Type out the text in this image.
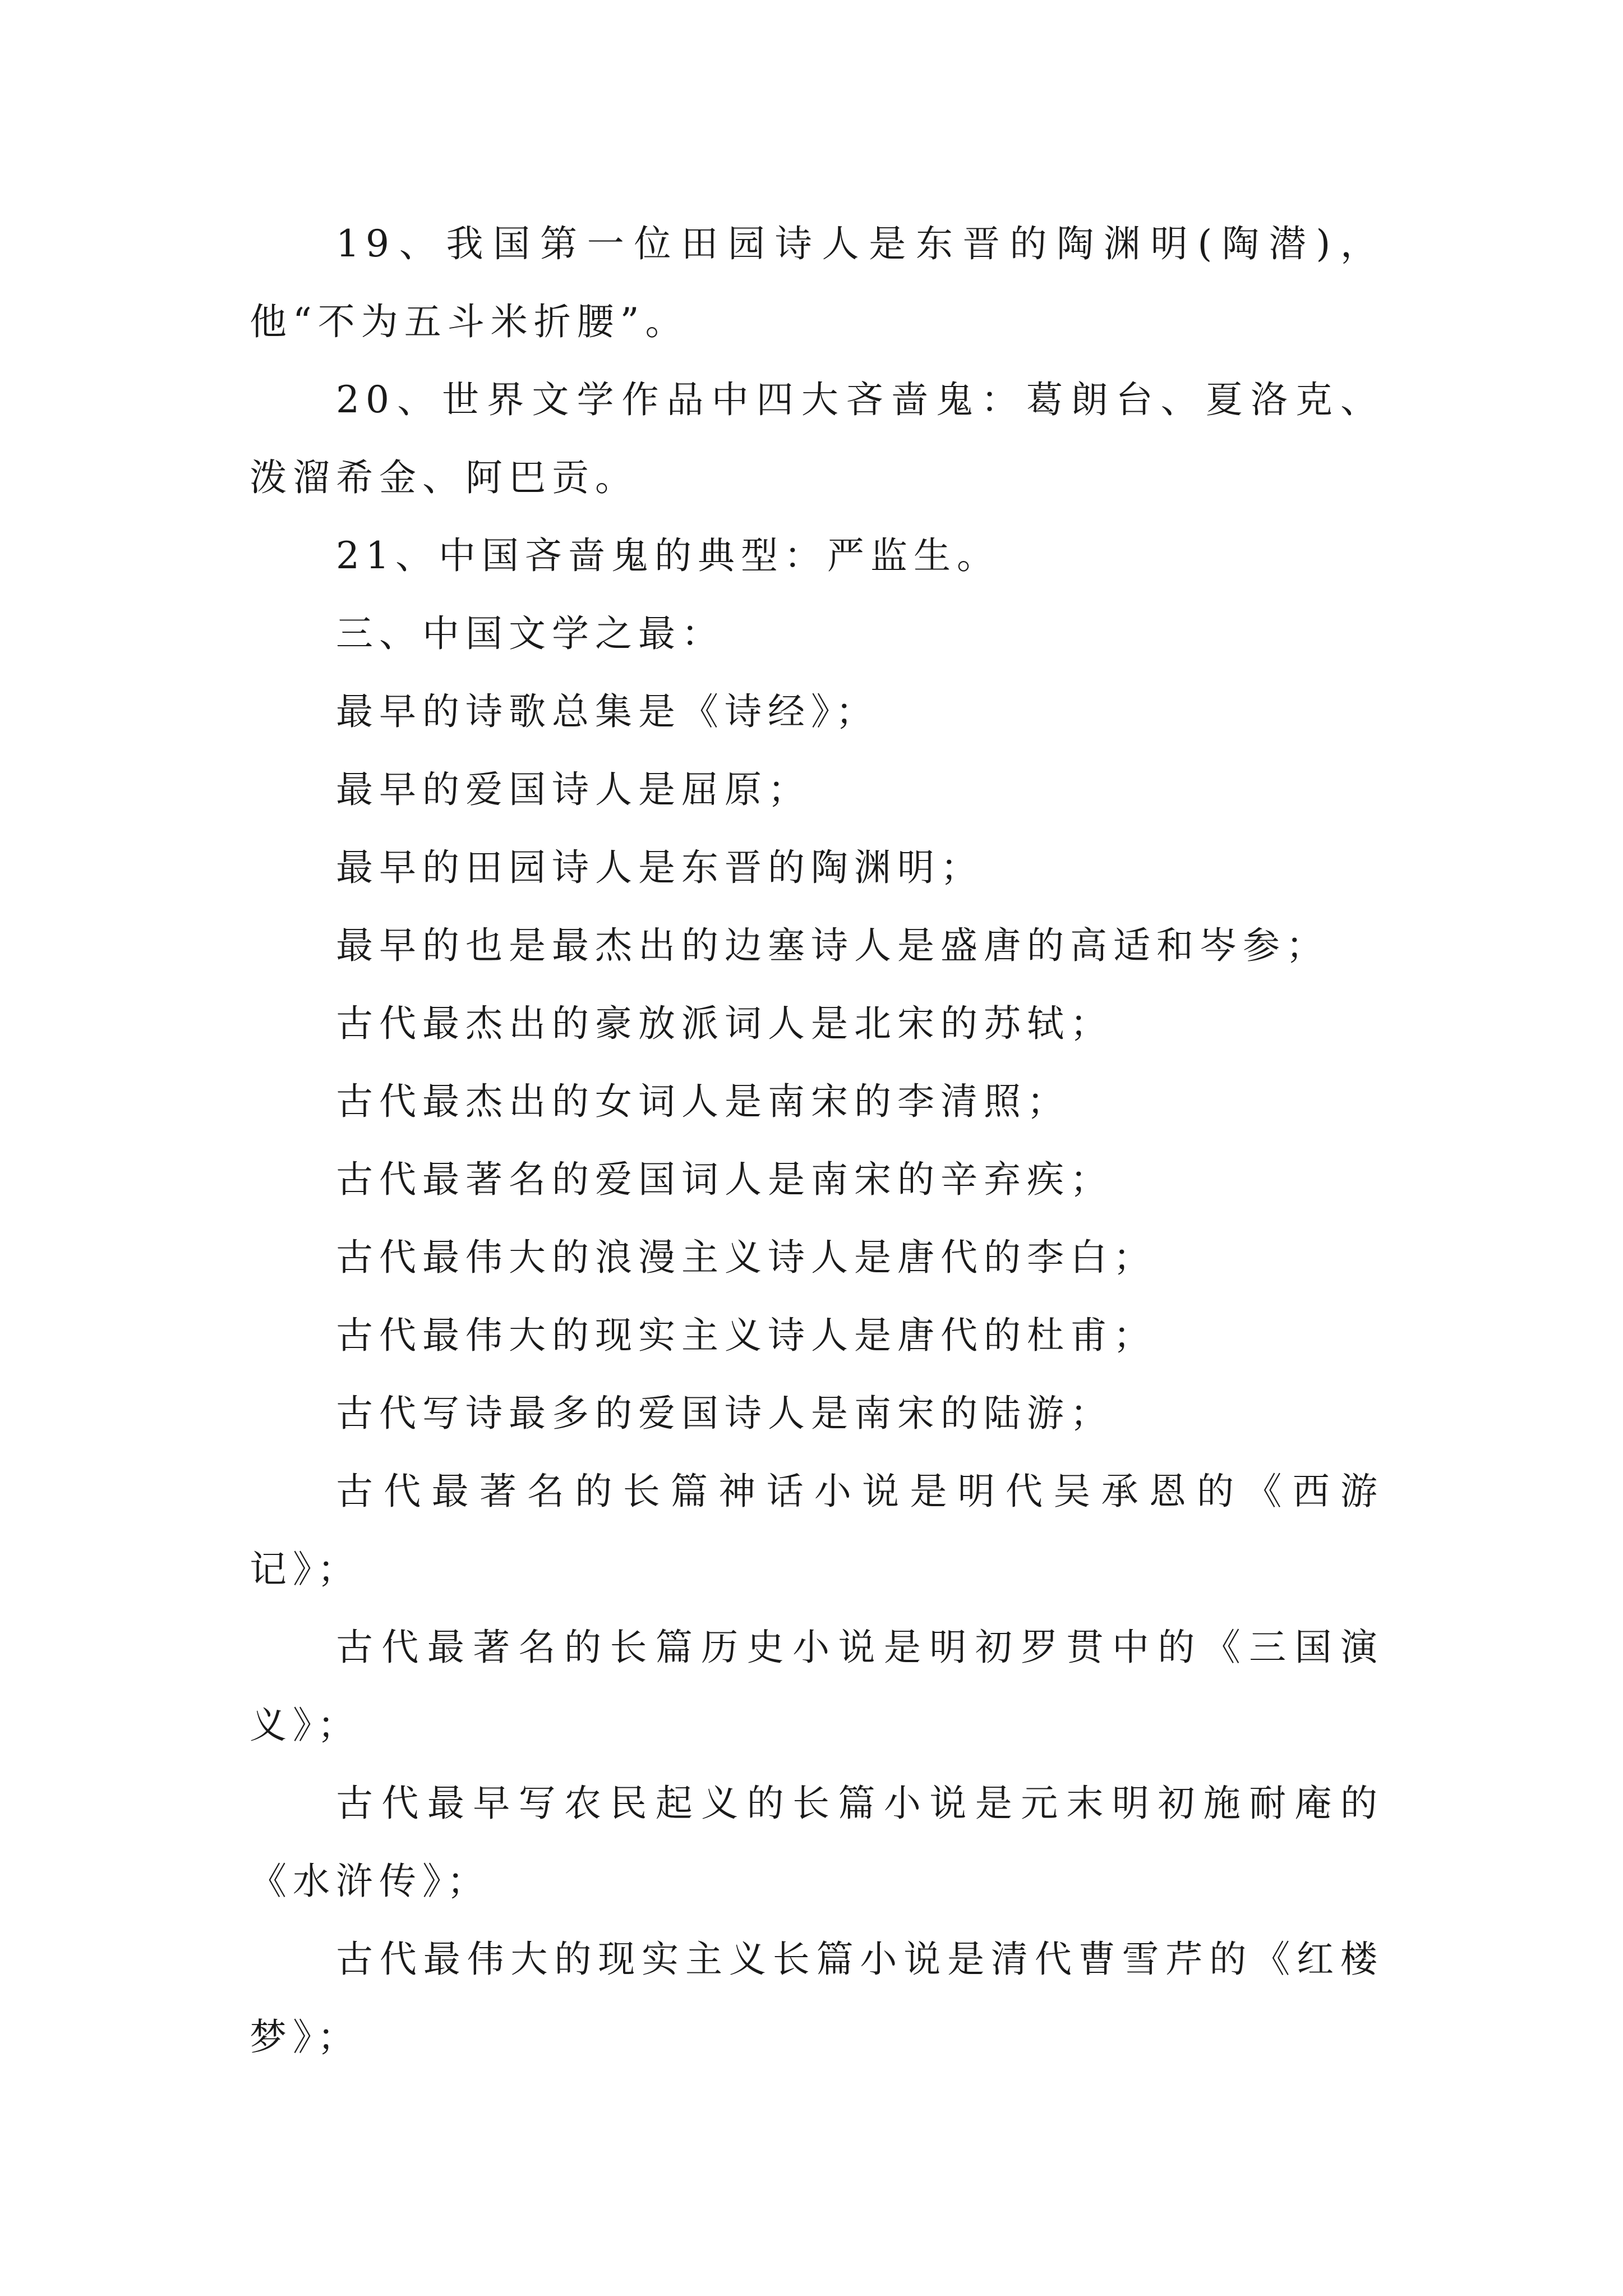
19、我国第一位田园诗人是东晋的陶渊明(陶潜)，他“不为五斗米折腰”。

20、世界文学作品中四大吝啬鬼：葛朗台、夏洛克、泼溜希金、阿巴贡。

21、中国吝啬鬼的典型：严监生。

三、中国文学之最：

最早的诗歌总集是《诗经》；

最早的爱国诗人是屈原；

最早的田园诗人是东晋的陶渊明；

最早的也是最杰出的边塞诗人是盛唐的高适和岑参；

古代最杰出的豪放派词人是北宋的苏轼；

古代最杰出的女词人是南宋的李清照；

古代最著名的爱国词人是南宋的辛弃疾；

古代最伟大的浪漫主义诗人是唐代的李白；

古代最伟大的现实主义诗人是唐代的杜甫；

古代写诗最多的爱国诗人是南宋的陆游；

古代最著名的长篇神话小说是明代吴承恩的《西游记》；

古代最著名的长篇历史小说是明初罗贯中的《三国演义》；

古代最早写农民起义的长篇小说是元末明初施耐庵的《水浒传》；

古代最伟大的现实主义长篇小说是清代曹雪芹的《红楼梦》；
